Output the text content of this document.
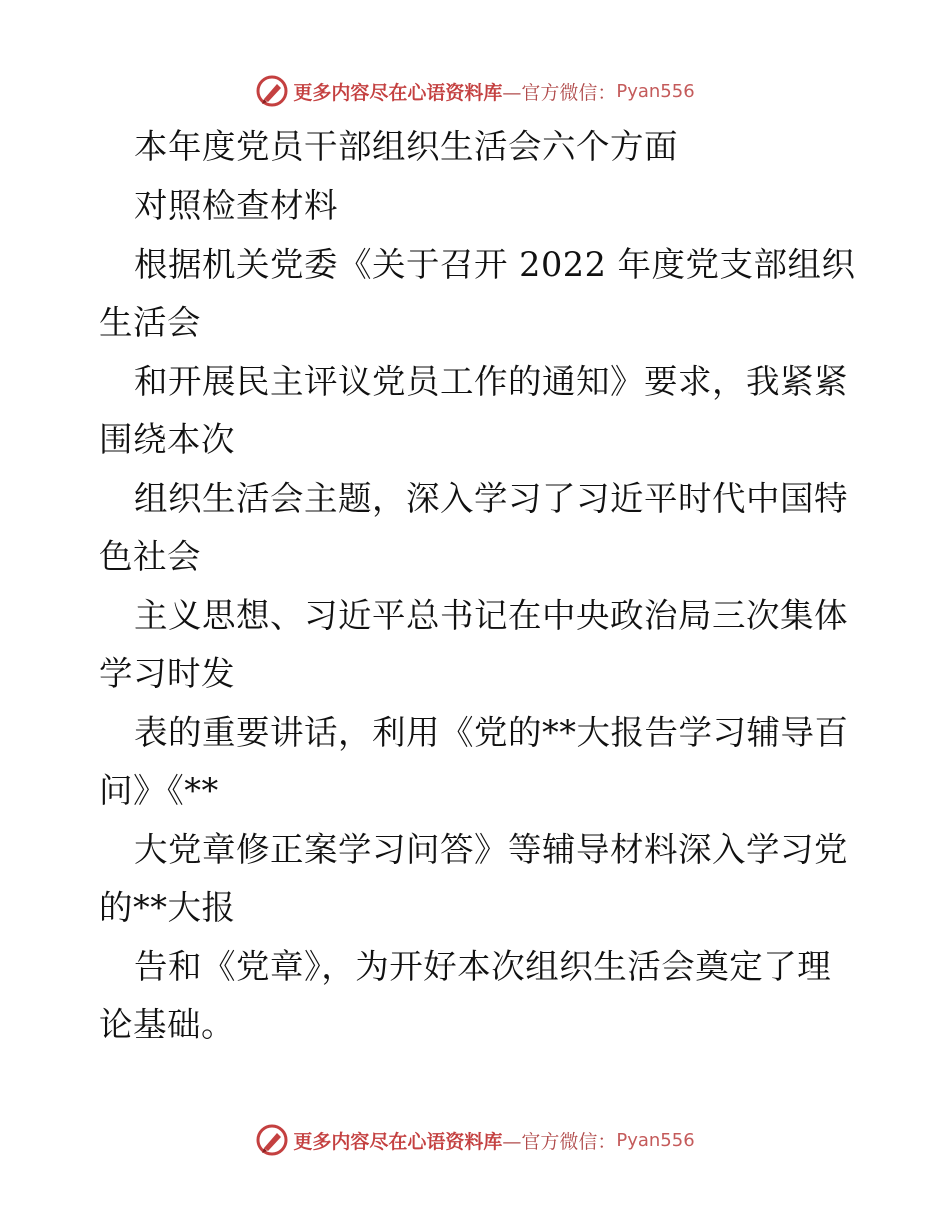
更多内容尽在心语资料库 —官方微信： Pyan556
本年度党员干部组织生活会六个方面
对照检查材料
根据机关党委《关于召开 2022 年度党支部组织
生活会
和开展民主评议党员工作的通知》要求，我紧紧
围绕本次
组织生活会主题，深入学习了习近平时代中国特
色社会
主义思想、习近平总书记在中央政治局三次集体
学习时发
表的重要讲话，利用《党的**大报告学习辅导百
问》《**
大党章修正案学习问答》等辅导材料深入学习党
的**大报
告和《党章》，为开好本次组织生活会奠定了理
论基础。
更多内容尽在心语资料库 —官方微信： Pyan556
